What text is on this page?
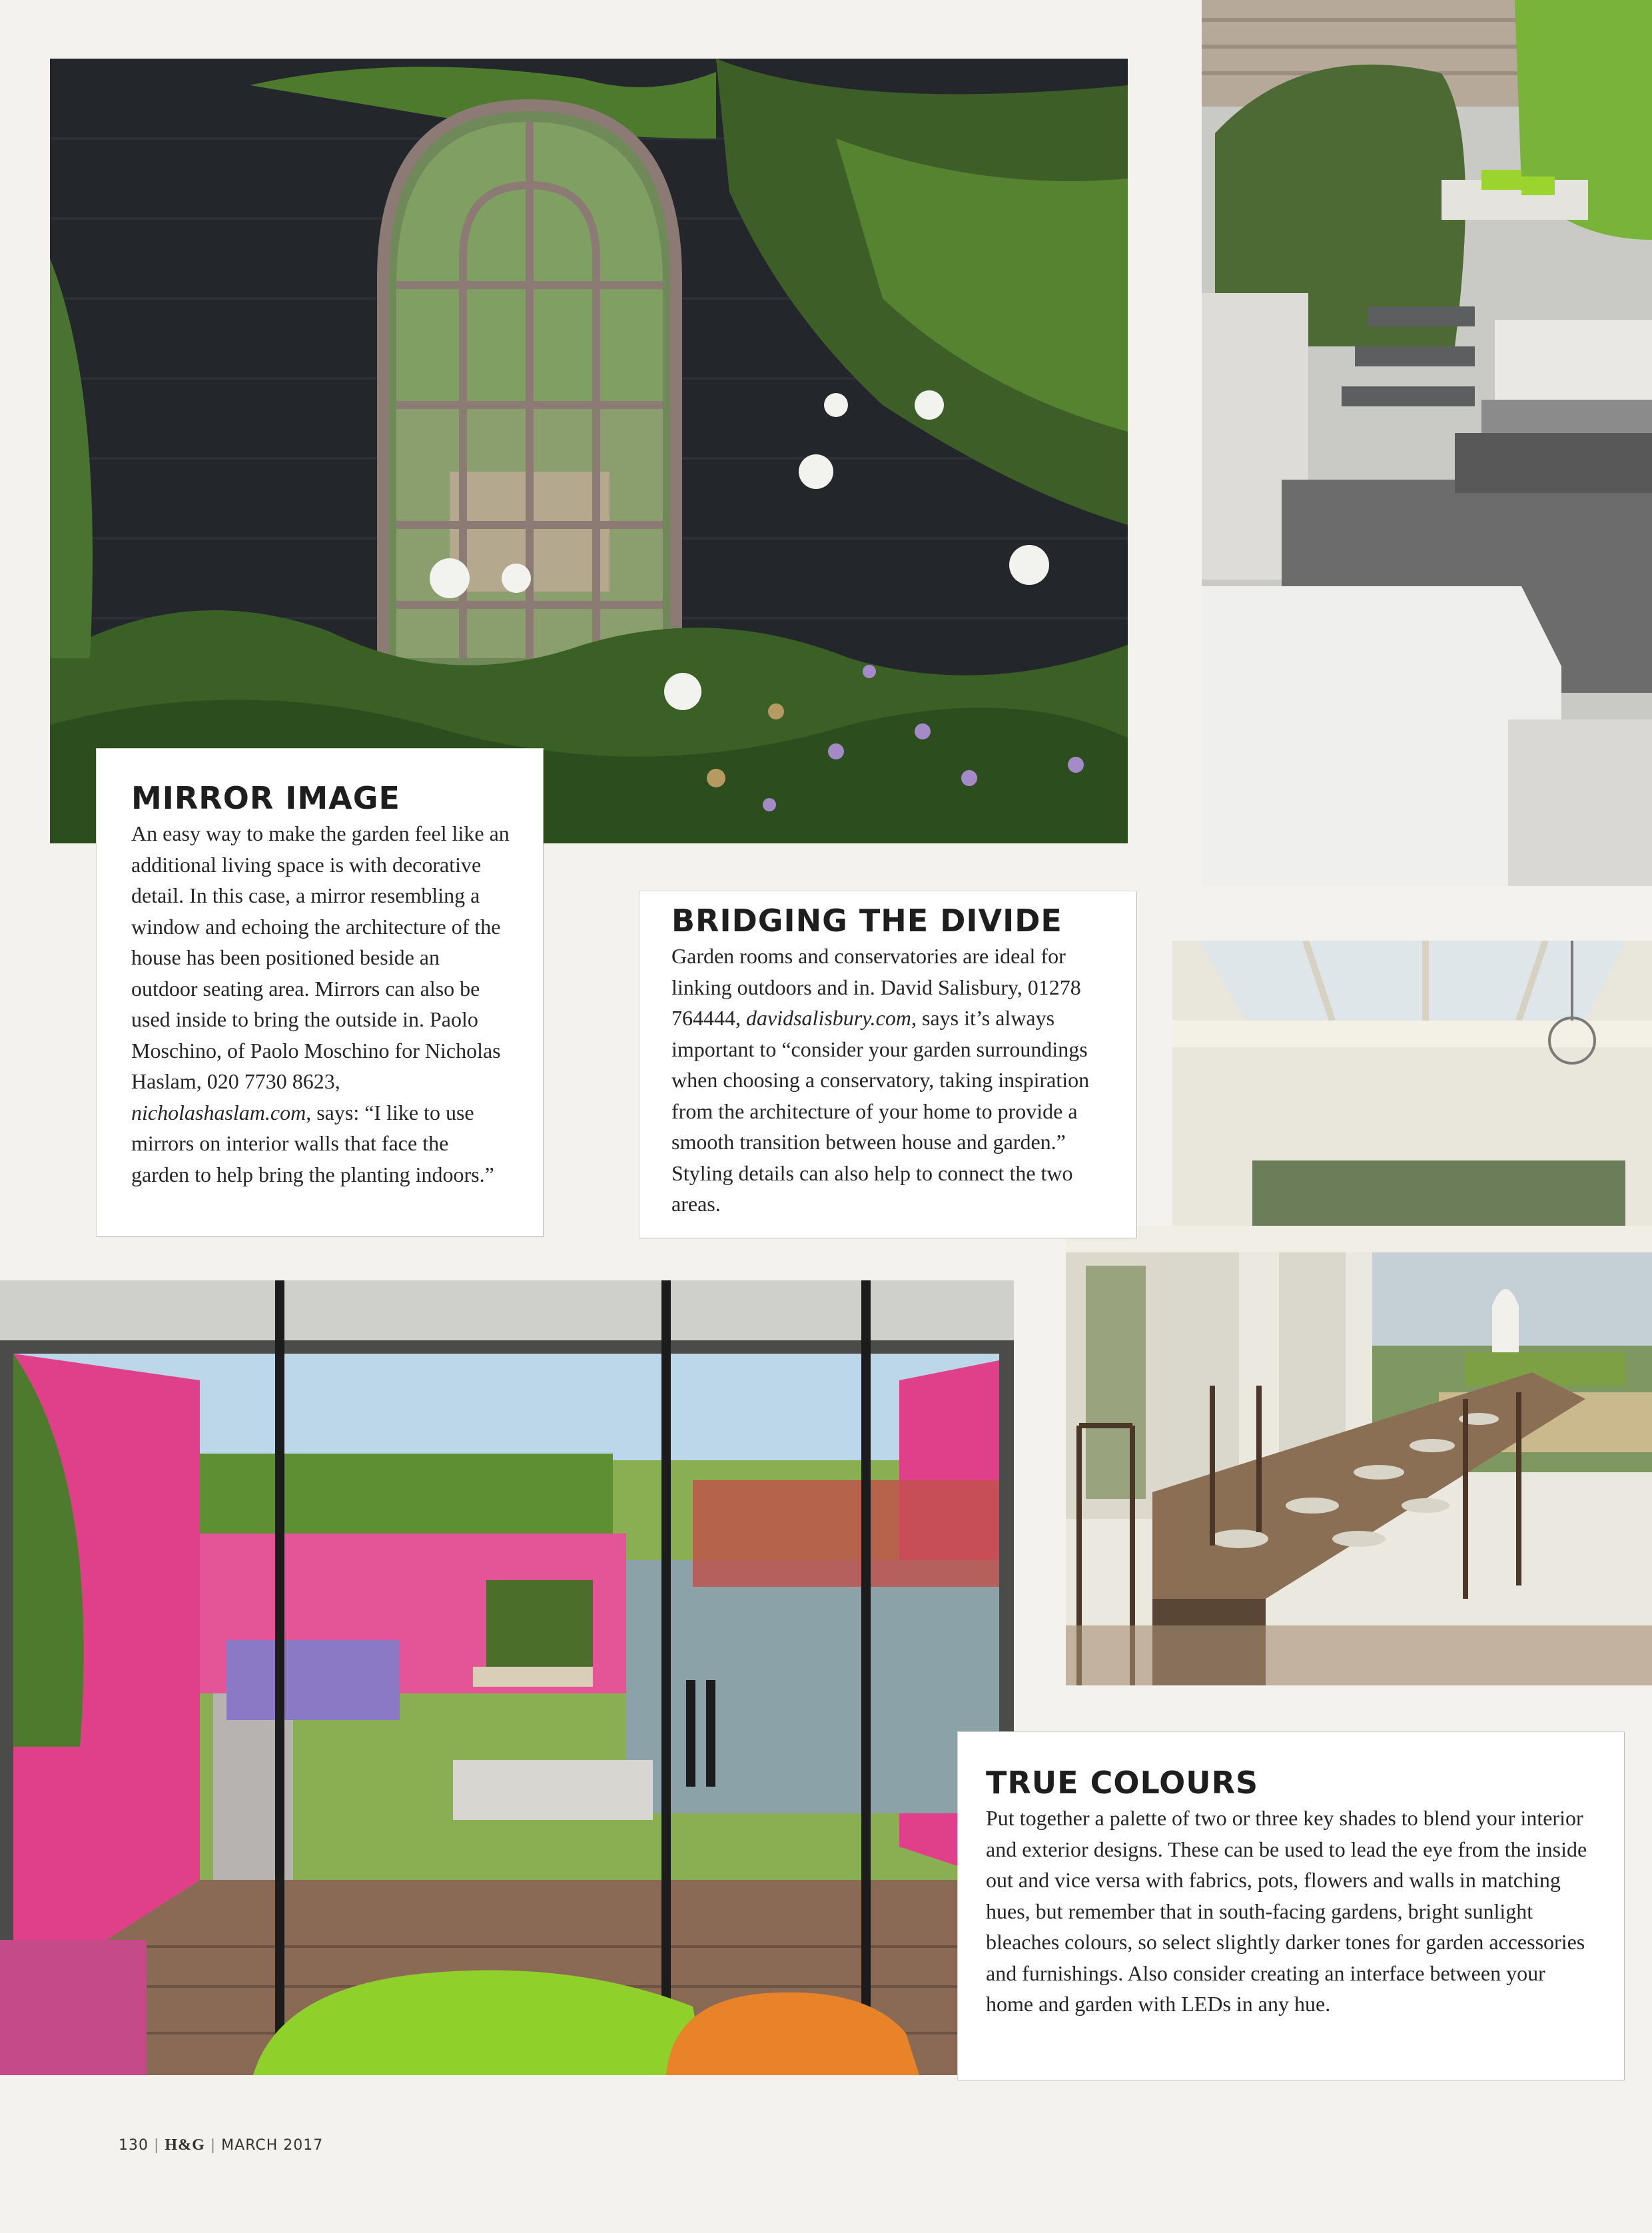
MIRROR IMAGE

An easy way to make the garden feel like an additional living space is with decorative detail. In this case, a mirror resembling a window and echoing the architecture of the house has been positioned beside an outdoor seating area. Mirrors can also be used inside to bring the outside in. Paolo Moschino, of Paolo Moschino for Nicholas Haslam, 020 7730 8623, nicholashaslam.com, says: “I like to use mirrors on interior walls that face the garden to help bring the planting indoors.”

BRIDGING THE DIVIDE

Garden rooms and conservatories are ideal for linking outdoors and in. David Salisbury, 01278 764444, davidsalisbury.com, says it’s always important to “consider your garden surroundings when choosing a conservatory, taking inspiration from the architecture of your home to provide a smooth transition between house and garden.” Styling details can also help to connect the two areas.

TRUE COLOURS

Put together a palette of two or three key shades to blend your interior and exterior designs. These can be used to lead the eye from the inside out and vice versa with fabrics, pots, flowers and walls in matching hues, but remember that in south-facing gardens, bright sunlight bleaches colours, so select slightly darker tones for garden accessories and furnishings. Also consider creating an interface between your home and garden with LEDs in any hue.

130 | H&G | MARCH 2017
